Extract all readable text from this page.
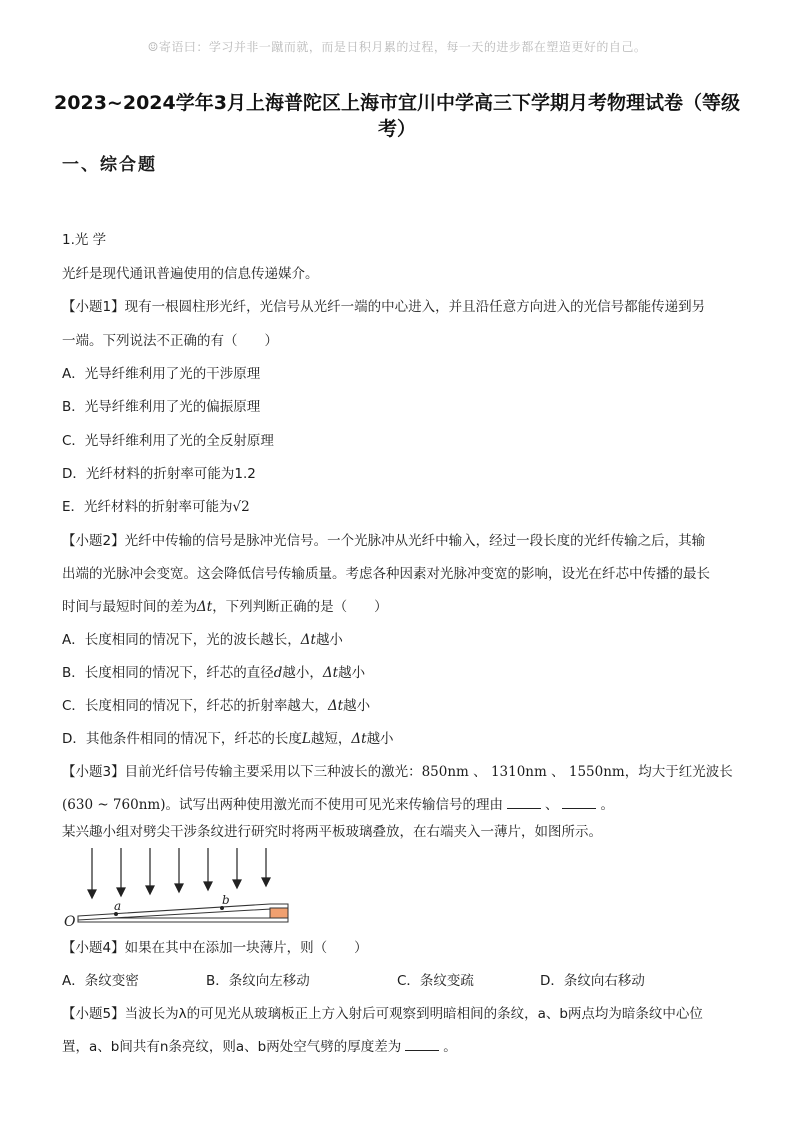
☺寄语曰：学习并非一蹴而就，而是日积月累的过程，每一天的进步都在塑造更好的自己。
2023~2024学年3月上海普陀区上海市宜川中学高三下学期月考物理试卷（等级
考）
一、综合题
1.光 学
光纤是现代通讯普遍使用的信息传递媒介。
【小题1】现有一根圆柱形光纤，光信号从光纤一端的中心进入，并且沿任意方向进入的光信号都能传递到另
一端。下列说法不正确的有（　　）
A．光导纤维利用了光的干涉原理
B．光导纤维利用了光的偏振原理
C．光导纤维利用了光的全反射原理
D．光纤材料的折射率可能为1.2
E．光纤材料的折射率可能为√2
【小题2】光纤中传输的信号是脉冲光信号。一个光脉冲从光纤中输入，经过一段长度的光纤传输之后，其输
出端的光脉冲会变宽。这会降低信号传输质量。考虑各种因素对光脉冲变宽的影响，设光在纤芯中传播的最长
时间与最短时间的差为Δt，下列判断正确的是（　　）
A．长度相同的情况下，光的波长越长，Δt越小
B．长度相同的情况下，纤芯的直径d越小，Δt越小
C．长度相同的情况下，纤芯的折射率越大，Δt越小
D．其他条件相同的情况下，纤芯的长度L越短，Δt越小
【小题3】目前光纤信号传输主要采用以下三种波长的激光：850nm 、 1310nm 、 1550nm，均大于红光波长
(630 ~ 760nm)。试写出两种使用激光而不使用可见光来传输信号的理由	、	。
某兴趣小组对劈尖干涉条纹进行研究时将两平板玻璃叠放，在右端夹入一薄片，如图所示。
O
a	b
【小题4】如果在其中在添加一块薄片，则（　　）
A．条纹变密	B．条纹向左移动	C．条纹变疏	D．条纹向右移动
【小题5】当波长为λ的可见光从玻璃板正上方入射后可观察到明暗相间的条纹，a、b两点均为暗条纹中心位
置，a、b间共有n条亮纹，则a、b两处空气劈的厚度差为	。
